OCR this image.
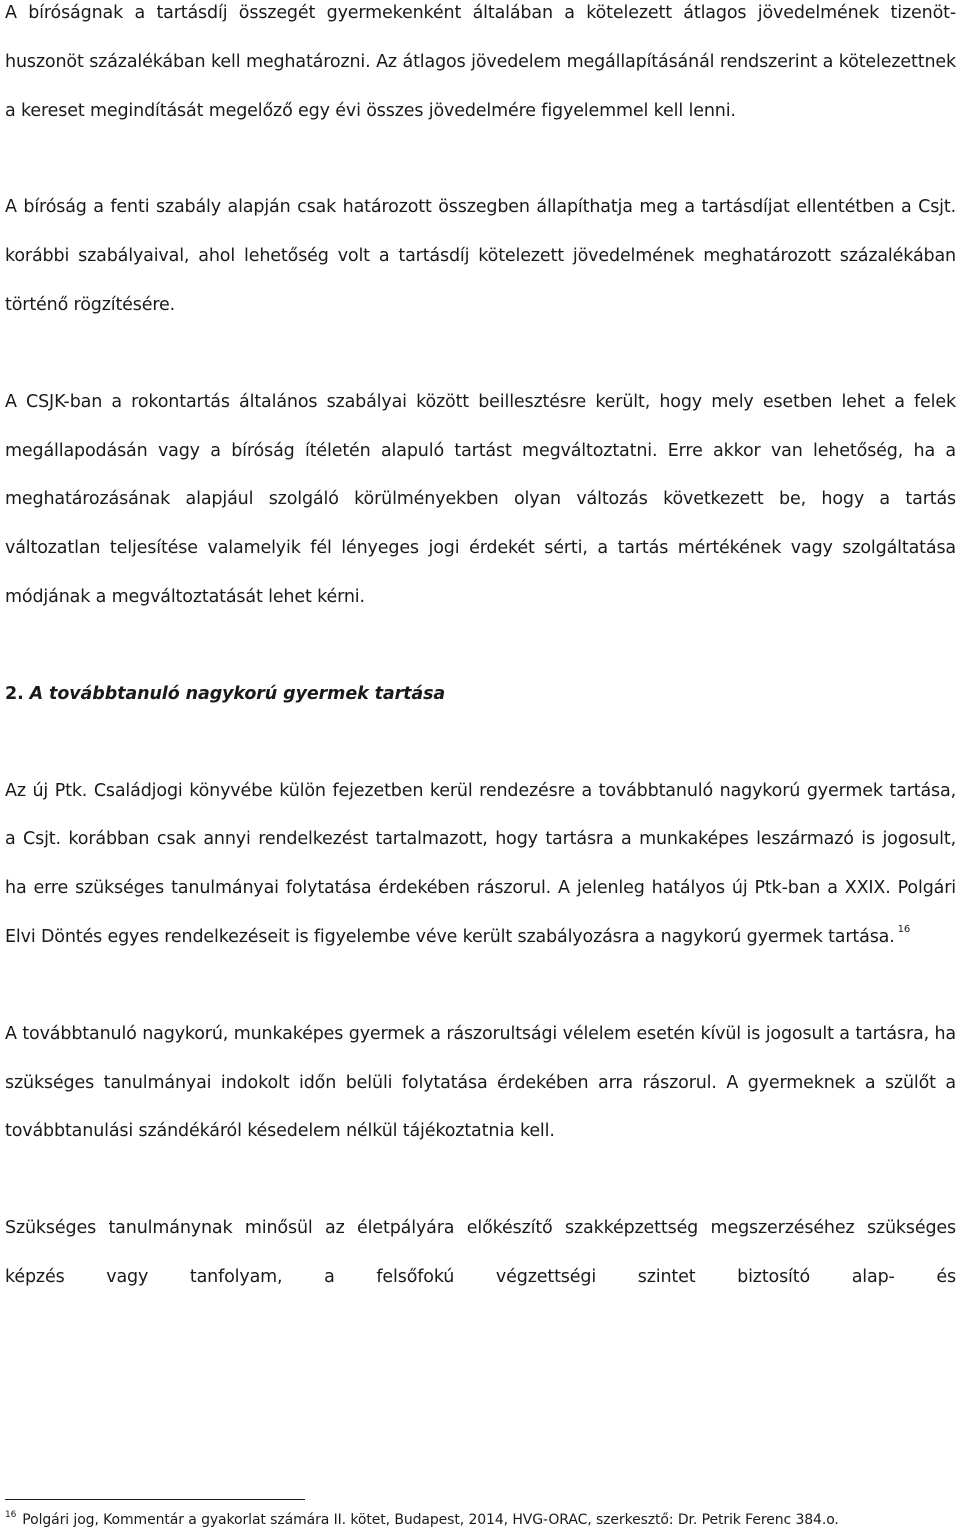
A bíróságnak a tartásdíj összegét gyermekenként általában a kötelezett átlagos jövedelmének tizenöt-huszonöt százalékában kell meghatározni. Az átlagos jövedelem megállapításánál rendszerint a kötelezettnek a kereset megindítását megelőző egy évi összes jövedelmére figyelemmel kell lenni.

A bíróság a fenti szabály alapján csak határozott összegben állapíthatja meg a tartásdíjat ellentétben a Csjt. korábbi szabályaival, ahol lehetőség volt a tartásdíj kötelezett jövedelmének meghatározott százalékában történő rögzítésére.

A CSJK-ban a rokontartás általános szabályai között beillesztésre került, hogy mely esetben lehet a felek megállapodásán vagy a bíróság ítéletén alapuló tartást megváltoztatni. Erre akkor van lehetőség, ha a meghatározásának alapjául szolgáló körülményekben olyan változás következett be, hogy a tartás változatlan teljesítése valamelyik fél lényeges jogi érdekét sérti, a tartás mértékének vagy szolgáltatása módjának a megváltoztatását lehet kérni.

2. A továbbtanuló nagykorú gyermek tartása

Az új Ptk. Családjogi könyvébe külön fejezetben kerül rendezésre a továbbtanuló nagykorú gyermek tartása, a Csjt. korábban csak annyi rendelkezést tartalmazott, hogy tartásra a munkaképes leszármazó is jogosult, ha erre szükséges tanulmányai folytatása érdekében rászorul. A jelenleg hatályos új Ptk-ban a XXIX. Polgári Elvi Döntés egyes rendelkezéseit is figyelembe véve került szabályozásra a nagykorú gyermek tartása. $^{16}$

A továbbtanuló nagykorú, munkaképes gyermek a rászorultsági vélelem esetén kívül is jogosult a tartásra, ha szükséges tanulmányai indokolt időn belüli folytatása érdekében arra rászorul. A gyermeknek a szülőt a továbbtanulási szándékáról késedelem nélkül tájékoztatnia kell.

Szükséges tanulmánynak minősül az életpályára előkészítő szakképzettség megszerzéséhez szükséges képzés vagy tanfolyam, a felsőfokú végzettségi szintet biztosító alap- és

$^{16}$ Polgári jog, Kommentár a gyakorlat számára II. kötet, Budapest, 2014, HVG-ORAC, szerkesztő: Dr. Petrik Ferenc 384.o.
